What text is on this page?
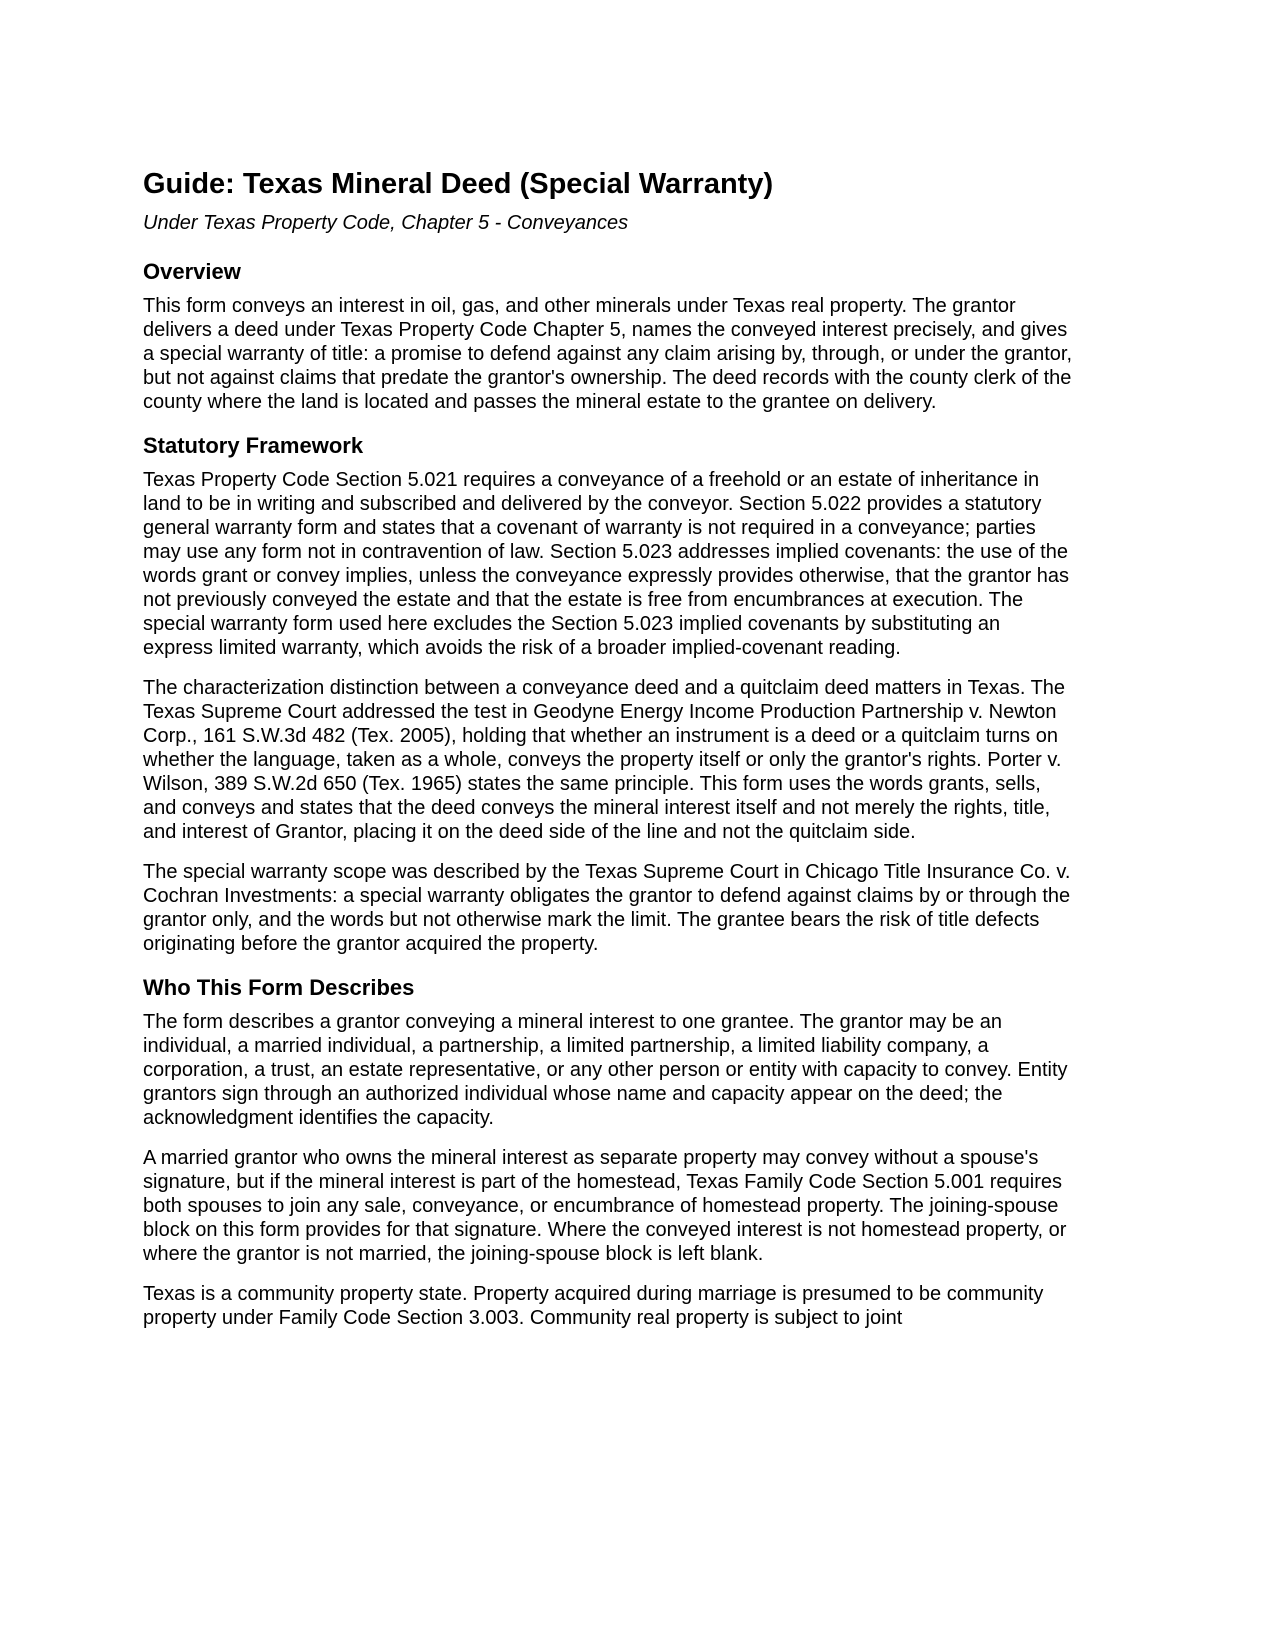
Guide: Texas Mineral Deed (Special Warranty)

Under Texas Property Code, Chapter 5 - Conveyances

Overview

This form conveys an interest in oil, gas, and other minerals under Texas real property. The grantor delivers a deed under Texas Property Code Chapter 5, names the conveyed interest precisely, and gives a special warranty of title: a promise to defend against any claim arising by, through, or under the grantor, but not against claims that predate the grantor's ownership. The deed records with the county clerk of the county where the land is located and passes the mineral estate to the grantee on delivery.

Statutory Framework

Texas Property Code Section 5.021 requires a conveyance of a freehold or an estate of inheritance in land to be in writing and subscribed and delivered by the conveyor. Section 5.022 provides a statutory general warranty form and states that a covenant of warranty is not required in a conveyance; parties may use any form not in contravention of law. Section 5.023 addresses implied covenants: the use of the words grant or convey implies, unless the conveyance expressly provides otherwise, that the grantor has not previously conveyed the estate and that the estate is free from encumbrances at execution. The special warranty form used here excludes the Section 5.023 implied covenants by substituting an express limited warranty, which avoids the risk of a broader implied-covenant reading.

The characterization distinction between a conveyance deed and a quitclaim deed matters in Texas. The Texas Supreme Court addressed the test in Geodyne Energy Income Production Partnership v. Newton Corp., 161 S.W.3d 482 (Tex. 2005), holding that whether an instrument is a deed or a quitclaim turns on whether the language, taken as a whole, conveys the property itself or only the grantor's rights. Porter v. Wilson, 389 S.W.2d 650 (Tex. 1965) states the same principle. This form uses the words grants, sells, and conveys and states that the deed conveys the mineral interest itself and not merely the rights, title, and interest of Grantor, placing it on the deed side of the line and not the quitclaim side.

The special warranty scope was described by the Texas Supreme Court in Chicago Title Insurance Co. v. Cochran Investments: a special warranty obligates the grantor to defend against claims by or through the grantor only, and the words but not otherwise mark the limit. The grantee bears the risk of title defects originating before the grantor acquired the property.

Who This Form Describes

The form describes a grantor conveying a mineral interest to one grantee. The grantor may be an individual, a married individual, a partnership, a limited partnership, a limited liability company, a corporation, a trust, an estate representative, or any other person or entity with capacity to convey. Entity grantors sign through an authorized individual whose name and capacity appear on the deed; the acknowledgment identifies the capacity.

A married grantor who owns the mineral interest as separate property may convey without a spouse's signature, but if the mineral interest is part of the homestead, Texas Family Code Section 5.001 requires both spouses to join any sale, conveyance, or encumbrance of homestead property. The joining-spouse block on this form provides for that signature. Where the conveyed interest is not homestead property, or where the grantor is not married, the joining-spouse block is left blank.

Texas is a community property state. Property acquired during marriage is presumed to be community property under Family Code Section 3.003. Community real property is subject to joint
